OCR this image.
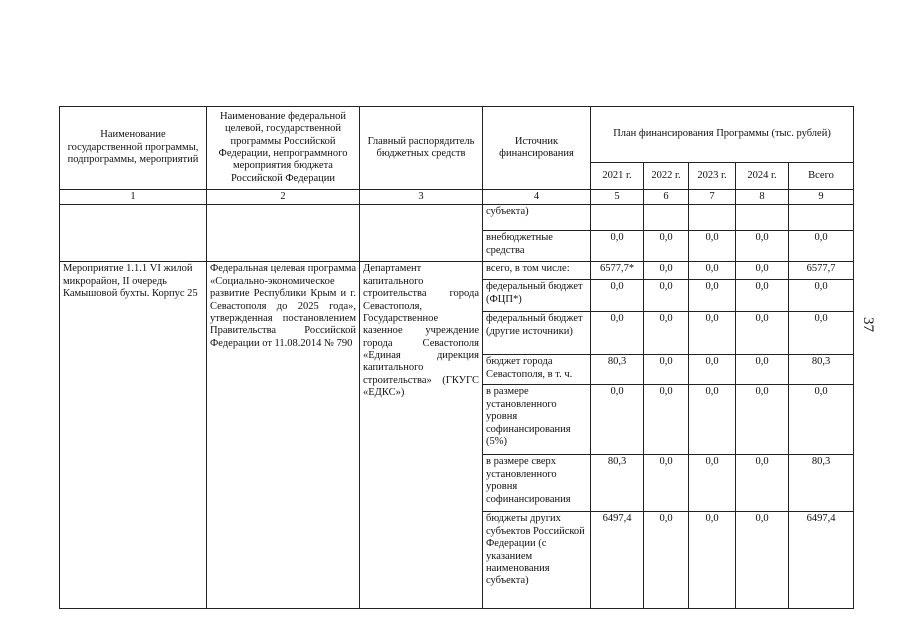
37
Наименование государственной программы, подпрограммы, мероприятий	Наименование федеральной целевой, государственной программы Российской Федерации, непрограммного мероприятия бюджета Российской Федерации	Главный распорядитель бюджетных средств	Источник финансирования	План финансирования Программы (тыс. рублей)				
				2021 г.	2022 г.	2023 г.	2024 г.	Всего
1	2	3	4	5	6	7	8	9
			субъекта)					
			внебюджетные средства	0,0	0,0	0,0	0,0	0,0
Мероприятие 1.1.1 VI жилой микрорайон, II очередь Камышовой бухты. Корпус 25	Федеральная целевая программа «Социально-экономическое развитие Республики Крым и г. Севастополя до 2025 года», утвержденная постановлением Правительства Российской Федерации от 11.08.2014 № 790	Департамент капитального строительства города Севастополя, Государственное казенное учреждение города Севастополя «Единая дирекция капитального строительства» (ГКУГС «ЕДКС»)	всего, в том числе:	6577,7*	0,0	0,0	0,0	6577,7
			федеральный бюджет (ФЦП*)	0,0	0,0	0,0	0,0	0,0
			федеральный бюджет (другие источники)	0,0	0,0	0,0	0,0	0,0
			бюджет города Севастополя, в т. ч.	80,3	0,0	0,0	0,0	80,3
			в размере установленного уровня софинансирования (5%)	0,0	0,0	0,0	0,0	0,0
			в размере сверх установленного уровня софинансирования	80,3	0,0	0,0	0,0	80,3
			бюджеты других субъектов Российской Федерации (с указанием наименования субъекта)	6497,4	0,0	0,0	0,0	6497,4
